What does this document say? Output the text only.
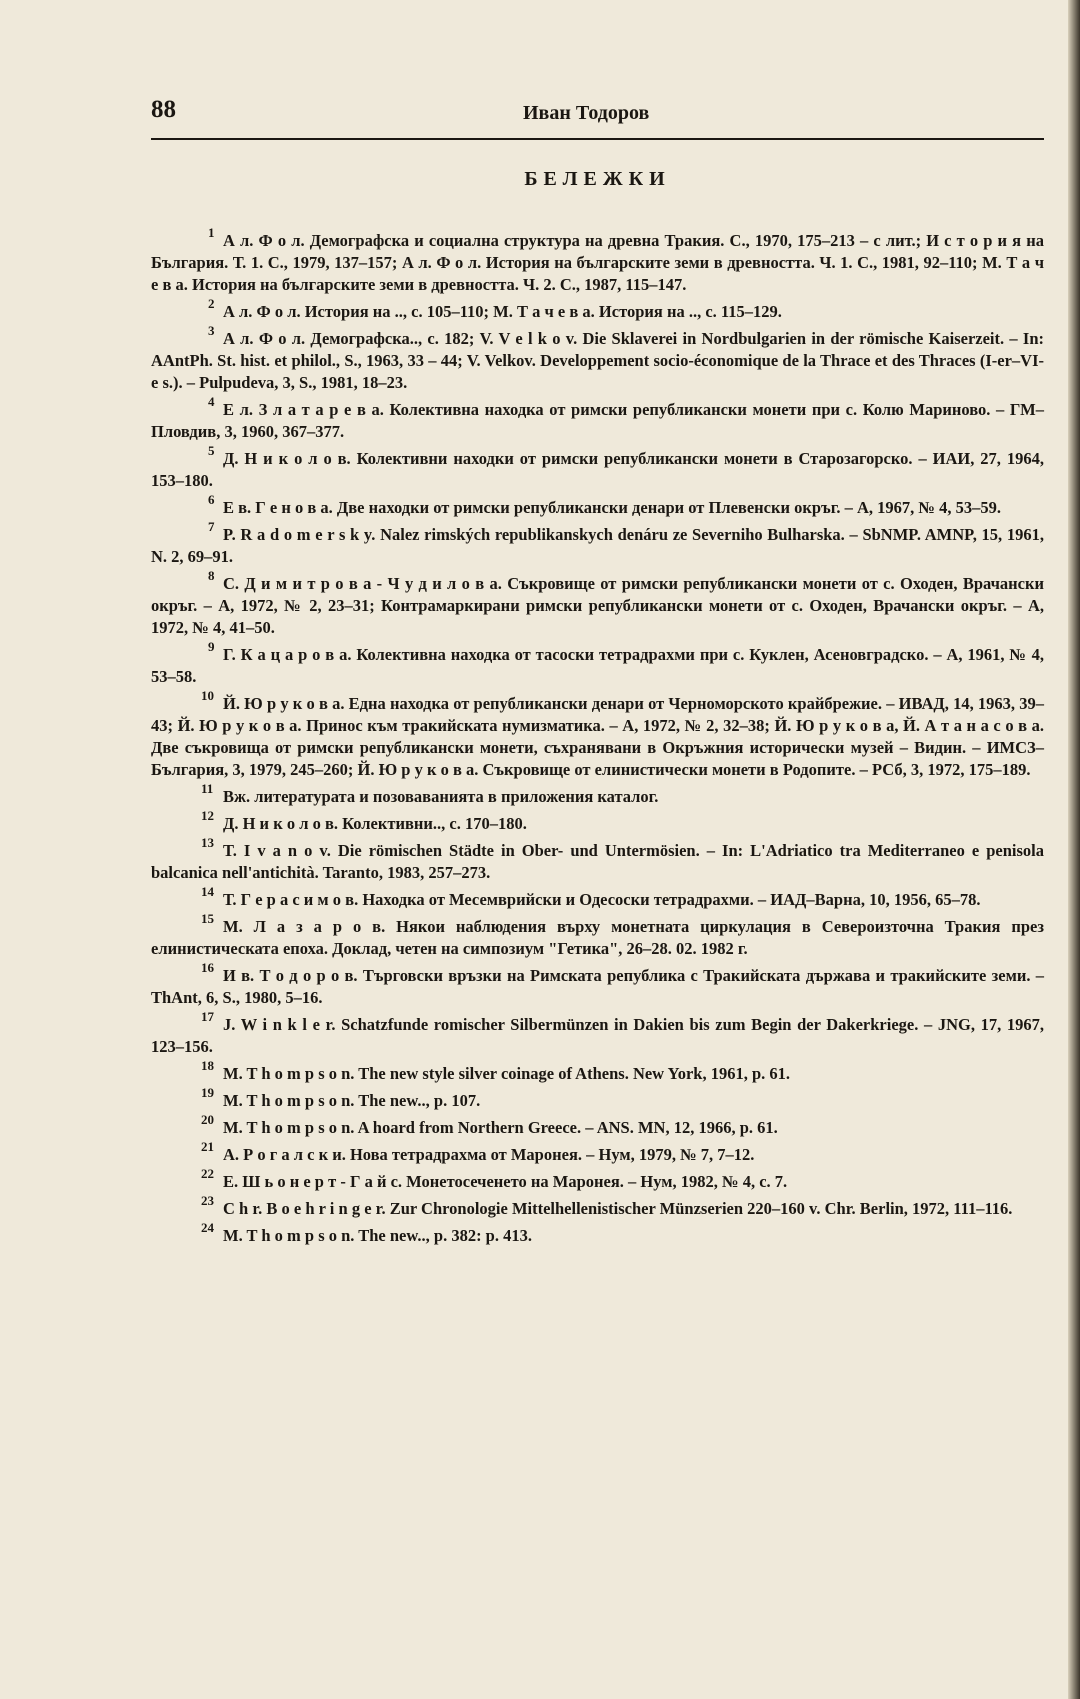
88	Иван Тодоров
БЕЛЕЖКИ
1 А л. Ф о л. Демографска и социална структура на древна Тракия. С., 1970, 175–213 – с лит.; И с т о р и я на България. Т. 1. С., 1979, 137–157; А л. Ф о л. История на българските земи в древността. Ч. 1. С., 1981, 92–110; М. Т а ч е в а. История на българските земи в древността. Ч. 2. С., 1987, 115–147.
2 А л. Ф о л. История на .., с. 105–110; М. Т а ч е в а. История на .., с. 115–129.
3 А л. Ф о л. Демографска.., с. 182; V. V e l k o v. Die Sklaverei in Nordbulgarien in der römische Kaiserzeit. – In: AAntPh. St. hist. et philol., S., 1963, 33 – 44; V. Velkov. Developpement socio-économique de la Thrace et des Thraces (I-er–VI-e s.). – Pulpudeva, 3, S., 1981, 18–23.
4 Е л. З л а т а р е в а. Колективна находка от римски републикански монети при с. Колю Мариново. – ГМ–Пловдив, 3, 1960, 367–377.
5 Д. Н и к о л о в. Колективни находки от римски републикански монети в Старозагорско. – ИАИ, 27, 1964, 153–180.
6 Е в. Г е н о в а. Две находки от римски републикански денари от Плевенски окръг. – А, 1967, № 4, 53–59.
7 P. R a d o m e r s k y. Nalez rimských republikanskych denáru ze Severniho Bulharska. – SbNMP. AMNP, 15, 1961, N. 2, 69–91.
8 С. Д и м и т р о в а - Ч у д и л о в а. Съкровище от римски републикански монети от с. Оходен, Врачански окръг. – А, 1972, № 2, 23–31; Контрамаркирани римски републикански монети от с. Оходен, Врачански окръг. – А, 1972, № 4, 41–50.
9 Г. К а ц а р о в а. Колективна находка от тасоски тетрадрахми при с. Куклен, Асеновградско. – А, 1961, № 4, 53–58.
10 Й. Ю р у к о в а. Една находка от републикански денари от Черноморското крайбрежие. – ИВАД, 14, 1963, 39–43; Й. Ю р у к о в а. Принос към тракийската нумизматика. – А, 1972, № 2, 32–38; Й. Ю р у к о в а, Й. А т а н а с о в а. Две съкровища от римски републикански монети, съхранявани в Окръжния исторически музей – Видин. – ИМСЗ–България, 3, 1979, 245–260; Й. Ю р у к о в а. Съкровище от елинистически монети в Родопите. – РСб, 3, 1972, 175–189.
11 Вж. литературата и позоваванията в приложения каталог.
12 Д. Н и к о л о в. Колективни.., с. 170–180.
13 T. I v a n o v. Die römischen Städte in Ober- und Untermösien. – In: L'Adriatico tra Mediterraneo e penisola balcanica nell'antichità. Taranto, 1983, 257–273.
14 Т. Г е р а с и м о в. Находка от Месемврийски и Одесоски тетрадрахми. – ИАД–Варна, 10, 1956, 65–78.
15 М. Л а з а р о в. Някои наблюдения върху монетната циркулация в Североизточна Тракия през елинистическата епоха. Доклад, четен на симпозиум "Гетика", 26–28. 02. 1982 г.
16 И в. Т о д о р о в. Търговски връзки на Римската република с Тракийската държава и тракийските земи. – ThAnt, 6, S., 1980, 5–16.
17 J. W i n k l e r. Schatzfunde romischer Silbermünzen in Dakien bis zum Begin der Dakerkriege. – JNG, 17, 1967, 123–156.
18 M. T h o m p s o n. The new style silver coinage of Athens. New York, 1961, p. 61.
19 M. T h o m p s o n. The new.., p. 107.
20 M. T h o m p s o n. A hoard from Northern Greece. – ANS. MN, 12, 1966, p. 61.
21 А. Р о г а л с к и. Нова тетрадрахма от Маронея. – Нум, 1979, № 7, 7–12.
22 Е. Ш ь о н е р т - Г а й с. Монетосеченето на Маронея. – Нум, 1982, № 4, с. 7.
23 C h r. B o e h r i n g e r. Zur Chronologie Mittelhellenistischer Münzserien 220–160 v. Chr. Berlin, 1972, 111–116.
24 M. T h o m p s o n. The new.., p. 382: p. 413.
